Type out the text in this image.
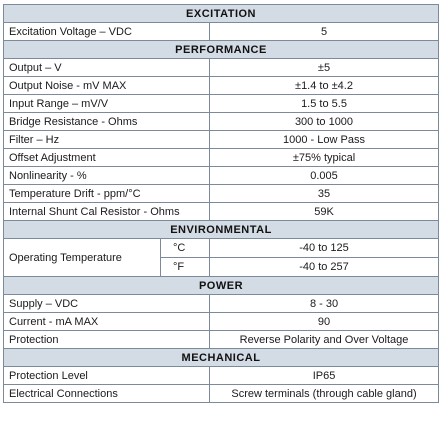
EXCITATION		
Excitation Voltage – VDC		5
PERFORMANCE		
Output – V		±5
Output Noise - mV MAX		±1.4 to ±4.2
Input Range – mV/V		1.5 to 5.5
Bridge Resistance - Ohms		300 to 1000
Filter – Hz		1000 - Low Pass
Offset Adjustment		±75% typical
Nonlinearity - %		0.005
Temperature Drift - ppm/°C		35
Internal Shunt Cal Resistor - Ohms		59K
ENVIRONMENTAL		
Operating Temperature	°C	-40 to 125
	°F	-40 to 257
POWER		
Supply – VDC		8 - 30
Current - mA MAX		90
Protection		Reverse Polarity and Over Voltage
MECHANICAL		
Protection Level		IP65
Electrical Connections		Screw terminals (through cable gland)
